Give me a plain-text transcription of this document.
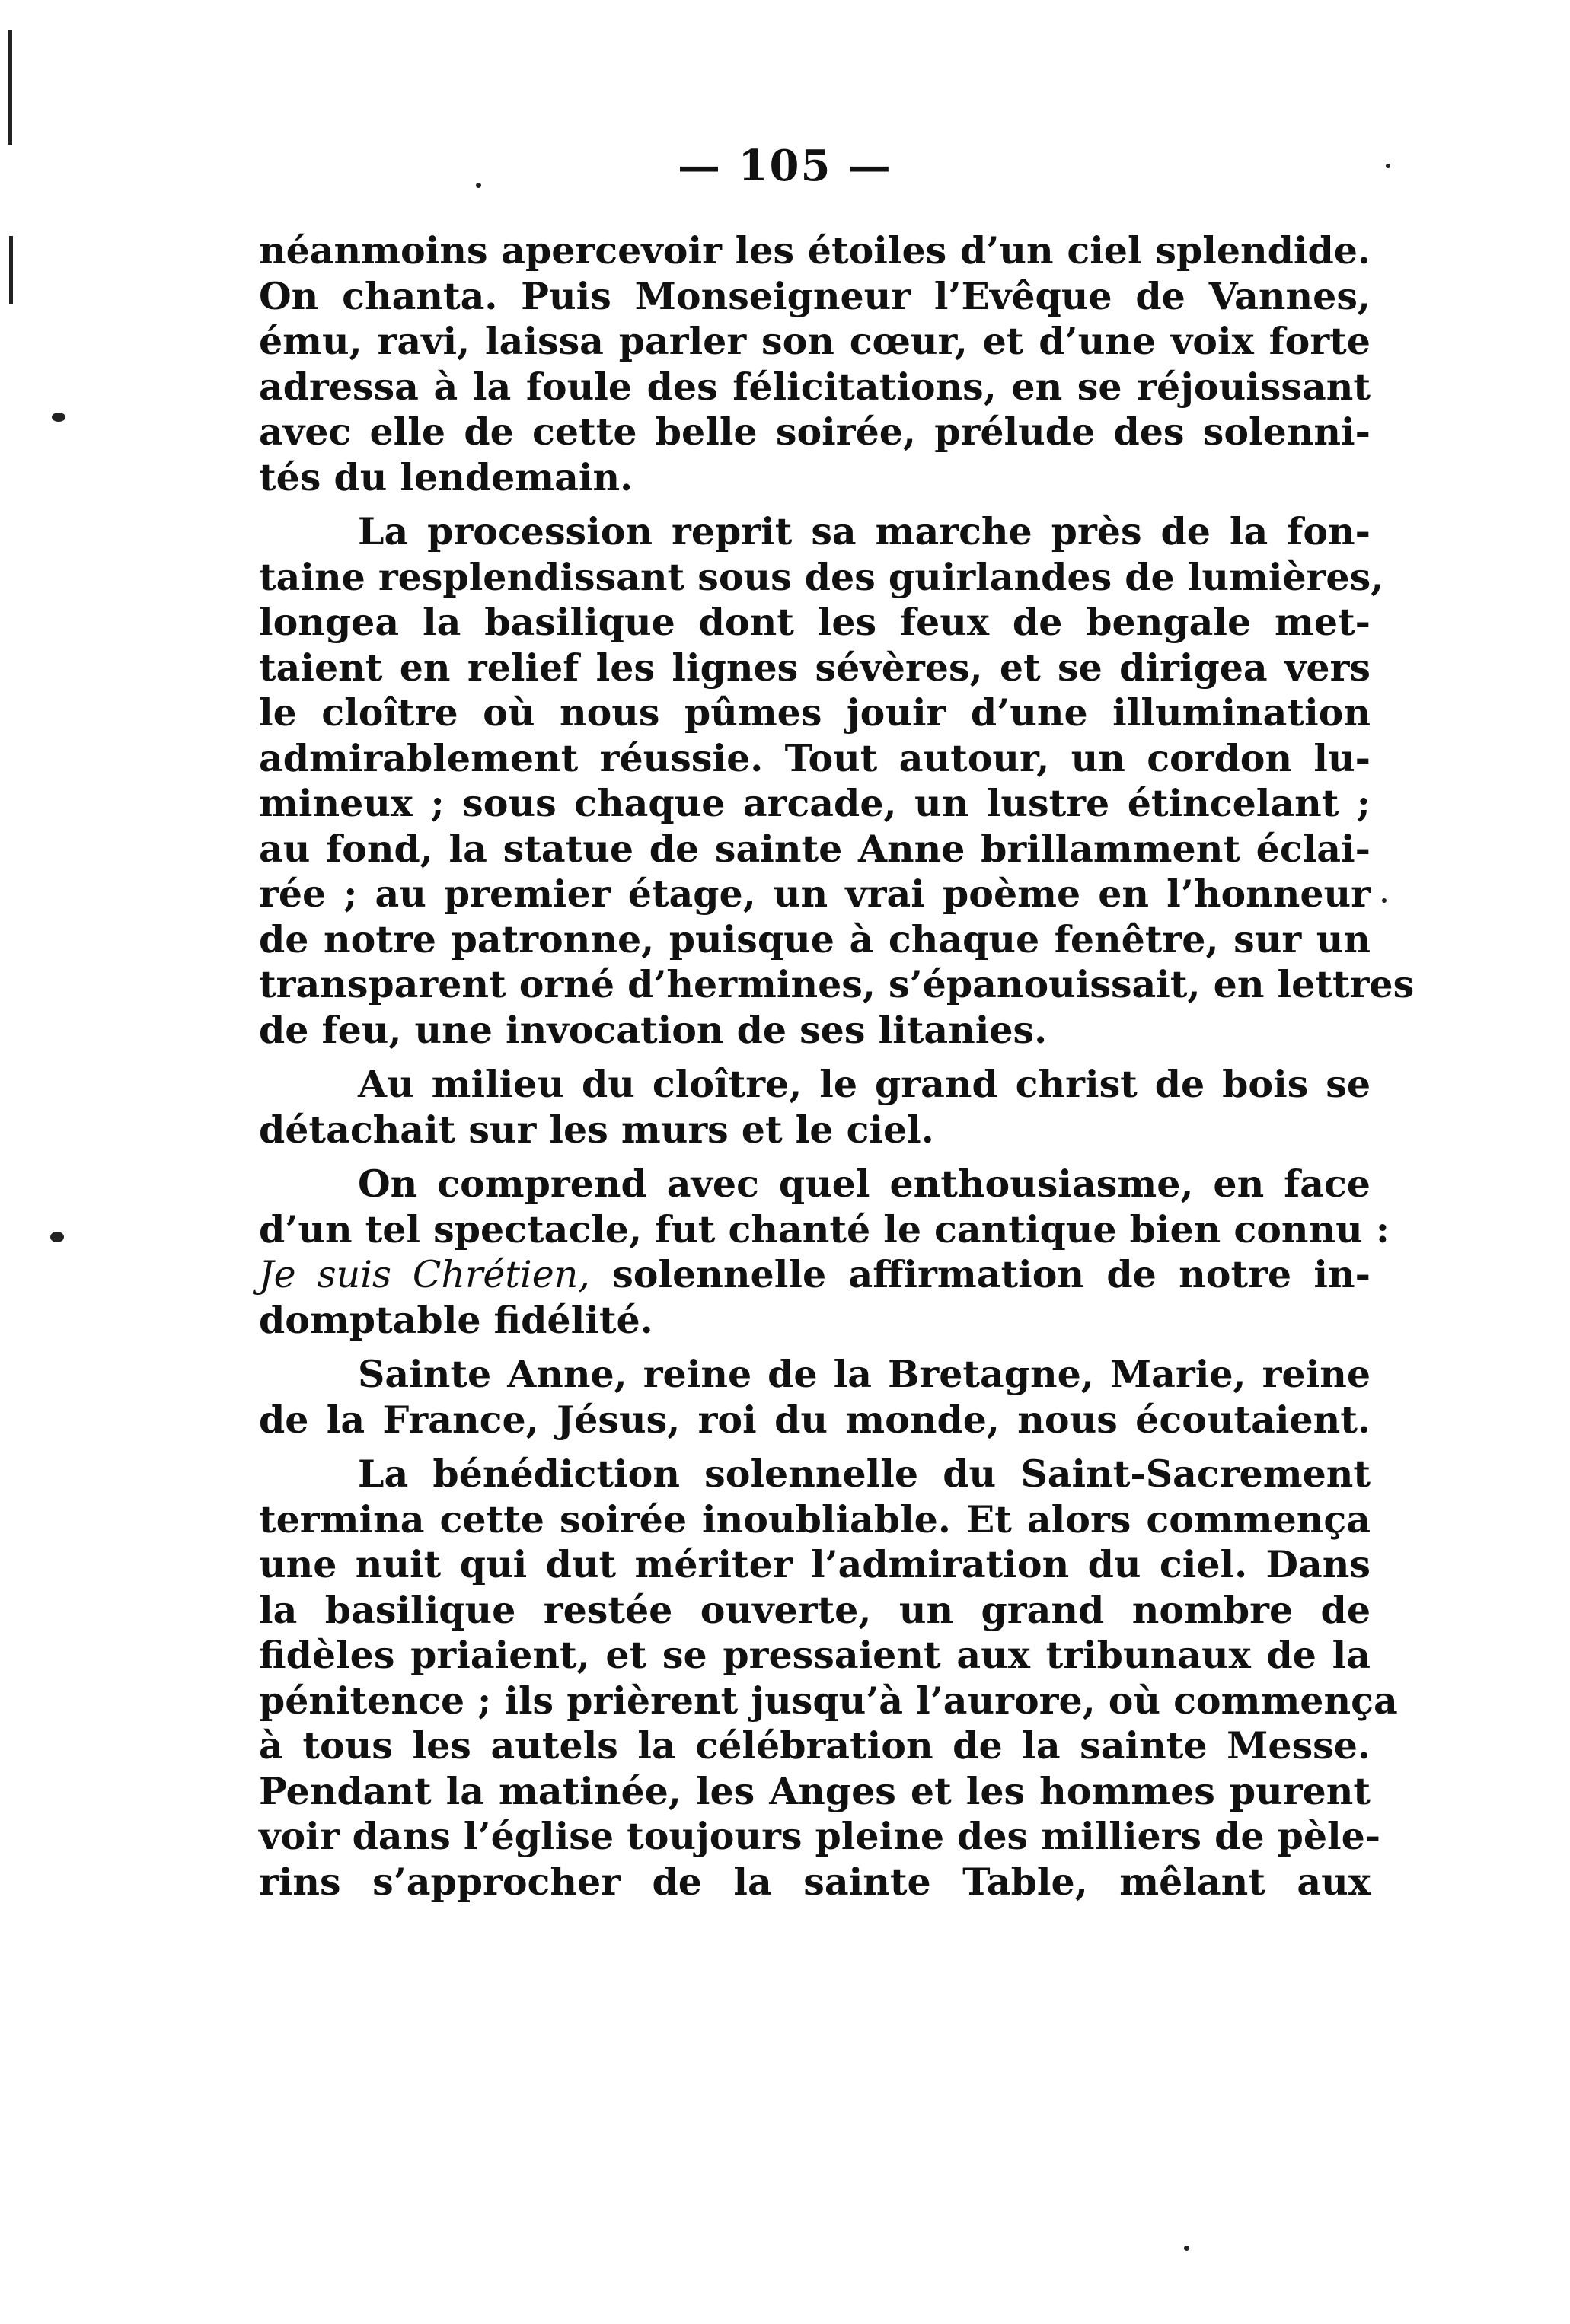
— 105 —
néanmoins apercevoir les étoiles d’un ciel splendide.
On chanta. Puis Monseigneur l’Evêque de Vannes,
ému, ravi, laissa parler son cœur, et d’une voix forte
adressa à la foule des félicitations, en se réjouissant
avec elle de cette belle soirée, prélude des solenni-
tés du lendemain.
La procession reprit sa marche près de la fon-
taine resplendissant sous des guirlandes de lumières,
longea la basilique dont les feux de bengale met-
taient en relief les lignes sévères, et se dirigea vers
le cloître où nous pûmes jouir d’une illumination
admirablement réussie. Tout autour, un cordon lu-
mineux ; sous chaque arcade, un lustre étincelant ;
au fond, la statue de sainte Anne brillamment éclai-
rée ; au premier étage, un vrai poème en l’honneur
de notre patronne, puisque à chaque fenêtre, sur un
transparent orné d’hermines, s’épanouissait, en lettres
de feu, une invocation de ses litanies.
Au milieu du cloître, le grand christ de bois se
détachait sur les murs et le ciel.
On comprend avec quel enthousiasme, en face
d’un tel spectacle, fut chanté le cantique bien connu :
Je suis Chrétien, solennelle affirmation de notre in-
domptable fidélité.
Sainte Anne, reine de la Bretagne, Marie, reine
de la France, Jésus, roi du monde, nous écoutaient.
La bénédiction solennelle du Saint-Sacrement
termina cette soirée inoubliable. Et alors commença
une nuit qui dut mériter l’admiration du ciel. Dans
la basilique restée ouverte, un grand nombre de
fidèles priaient, et se pressaient aux tribunaux de la
pénitence ; ils prièrent jusqu’à l’aurore, où commença
à tous les autels la célébration de la sainte Messe.
Pendant la matinée, les Anges et les hommes purent
voir dans l’église toujours pleine des milliers de pèle-
rins s’approcher de la sainte Table, mêlant aux
